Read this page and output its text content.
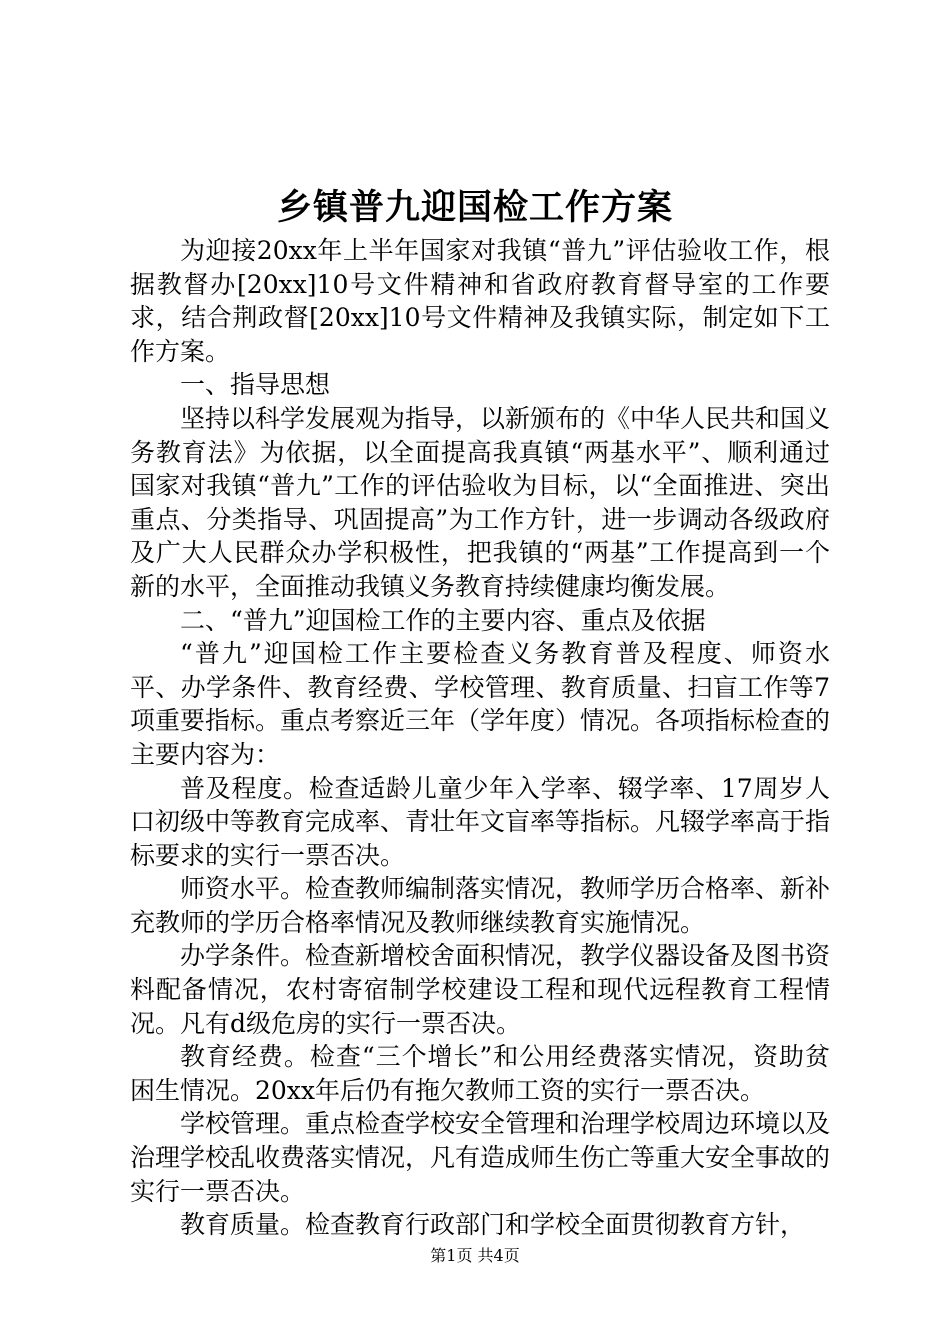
乡镇普九迎国检工作方案

为迎接20xx年上半年国家对我镇“普九”评估验收工作，根据教督办[20xx]10号文件精神和省政府教育督导室的工作要求，结合荆政督[20xx]10号文件精神及我镇实际，制定如下工作方案。

一、指导思想

坚持以科学发展观为指导，以新颁布的《中华人民共和国义务教育法》为依据，以全面提高我真镇“两基水平”、顺利通过国家对我镇“普九”工作的评估验收为目标，以“全面推进、突出重点、分类指导、巩固提高”为工作方针，进一步调动各级政府及广大人民群众办学积极性，把我镇的“两基”工作提高到一个新的水平，全面推动我镇义务教育持续健康均衡发展。

二、“普九”迎国检工作的主要内容、重点及依据

“普九”迎国检工作主要检查义务教育普及程度、师资水平、办学条件、教育经费、学校管理、教育质量、扫盲工作等7项重要指标。重点考察近三年（学年度）情况。各项指标检查的主要内容为：

普及程度。检查适龄儿童少年入学率、辍学率、17周岁人口初级中等教育完成率、青壮年文盲率等指标。凡辍学率高于指标要求的实行一票否决。

师资水平。检查教师编制落实情况，教师学历合格率、新补充教师的学历合格率情况及教师继续教育实施情况。

办学条件。检查新增校舍面积情况，教学仪器设备及图书资料配备情况，农村寄宿制学校建设工程和现代远程教育工程情况。凡有d级危房的实行一票否决。

教育经费。检查“三个增长”和公用经费落实情况，资助贫困生情况。20xx年后仍有拖欠教师工资的实行一票否决。

学校管理。重点检查学校安全管理和治理学校周边环境以及治理学校乱收费落实情况，凡有造成师生伤亡等重大安全事故的实行一票否决。

教育质量。检查教育行政部门和学校全面贯彻教育方针，

第1页 共4页
